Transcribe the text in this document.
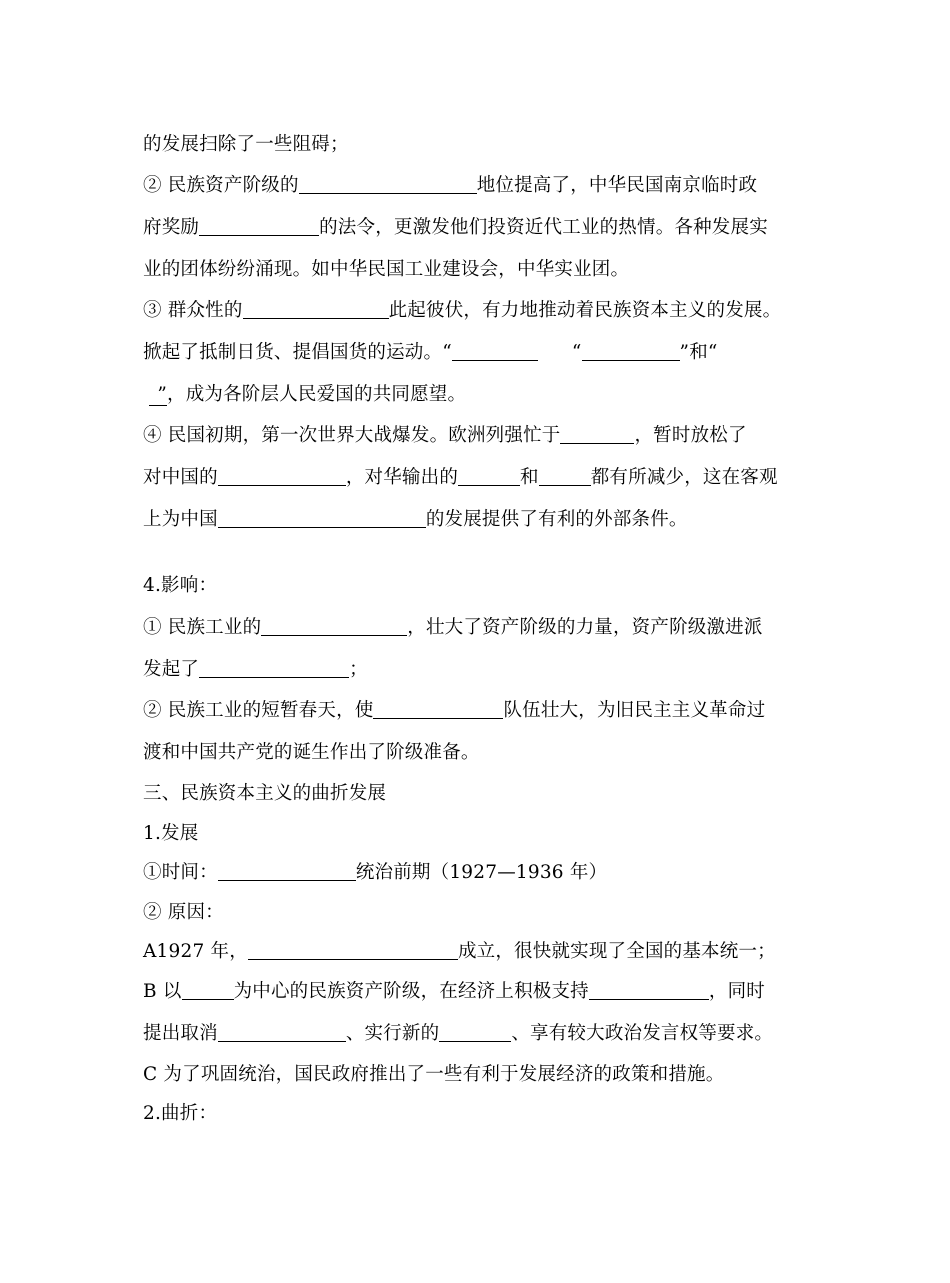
的发展扫除了一些阻碍；
② 民族资产阶级的	地位提高了，中华民国南京临时政
府奖励	的法令，更激发他们投资近代工业的热情。各种发展实
业的团体纷纷涌现。如中华民国工业建设会，中华实业团。
③ 群众性的	此起彼伏，有力地推动着民族资本主义的发展。
掀起了抵制日货、提倡国货的运动。“	“	”和“
”，成为各阶层人民爱国的共同愿望。
④ 民国初期，第一次世界大战爆发。欧洲列强忙于	，暂时放松了
对中国的	，对华输出的	和	都有所减少，这在客观
上为中国	的发展提供了有利的外部条件。
4.影响：
① 民族工业的	，壮大了资产阶级的力量，资产阶级激进派
发起了	；
② 民族工业的短暂春天，使	队伍壮大，为旧民主主义革命过
渡和中国共产党的诞生作出了阶级准备。
三、民族资本主义的曲折发展
1.发展
①时间：	统治前期（1927—1936 年）
② 原因：
A1927 年，	成立，很快就实现了全国的基本统一；
B 以	为中心的民族资产阶级，在经济上积极支持	，同时
提出取消	、实行新的	、享有较大政治发言权等要求。
C 为了巩固统治，国民政府推出了一些有利于发展经济的政策和措施。
2.曲折：
